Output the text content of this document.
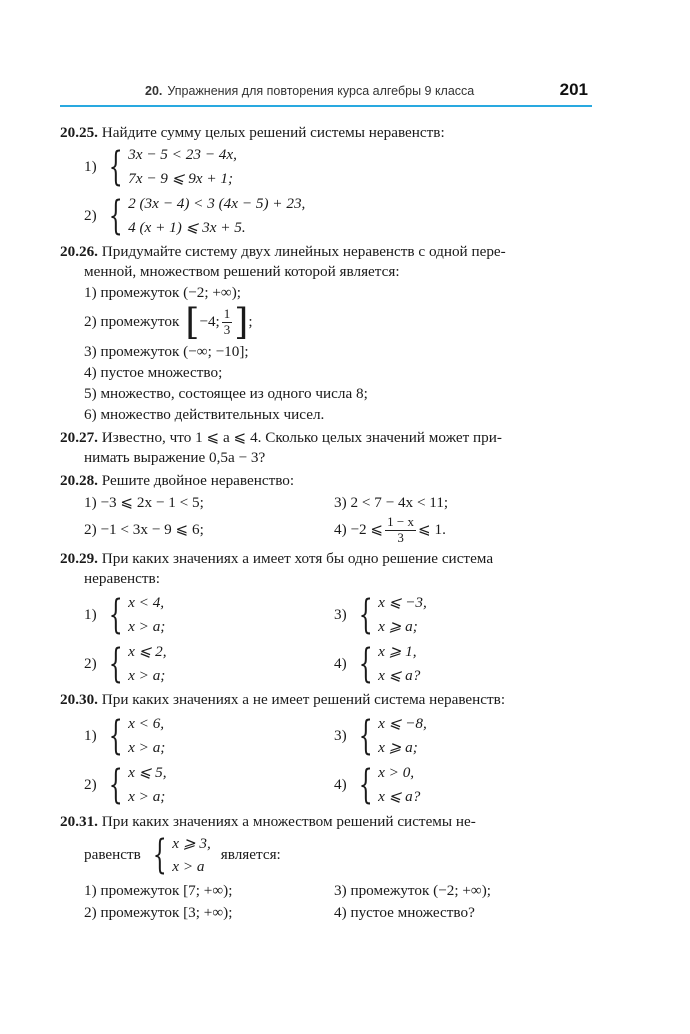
20. Упражнения для повторения курса алгебры 9 класса	201
20.25. Найдите сумму целых решений системы неравенств:
1) { 3x − 5 < 23 − 4x,
7x − 9 ⩽ 9x + 1;
2) { 2 (3x − 4) < 3 (4x − 5) + 23,
4 (x + 1) ⩽ 3x + 5.
20.26. Придумайте систему двух линейных неравенств с одной пере-
менной, множеством решений которой является:
1) промежуток (−2; +∞);
2) промежуток [ −4; $\frac{1}{3}$ ] ;
3) промежуток (−∞; −10];
4) пустое множество;
5) множество, состоящее из одного числа 8;
6) множество действительных чисел.
20.27. Известно, что 1 ⩽ a ⩽ 4. Сколько целых значений может при-
нимать выражение 0,5a − 3?
20.28. Решите двойное неравенство:
1) −3 ⩽ 2x − 1 < 5;	3) 2 < 7 − 4x < 11;
2) −1 < 3x − 9 ⩽ 6;	4) −2 ⩽ $\frac{1 - x}{3}$ ⩽ 1.
20.29. При каких значениях a имеет хотя бы одно решение система
неравенств:
1) { x < 4,
x > a;
3) { x ⩽ −3,
x ⩾ a;
2) { x ⩽ 2,
x > a;
4) { x ⩾ 1,
x ⩽ a?
20.30. При каких значениях a не имеет решений система неравенств:
1) { x < 6,
x > a;
3) { x ⩽ −8,
x ⩾ a;
2) { x ⩽ 5,
x > a;
4) { x > 0,
x ⩽ a?
20.31. При каких значениях a множеством решений системы не-
равенств { x ⩾ 3,
x > a
является:
1) промежуток [7; +∞);	3) промежуток (−2; +∞);
2) промежуток [3; +∞);	4) пустое множество?
